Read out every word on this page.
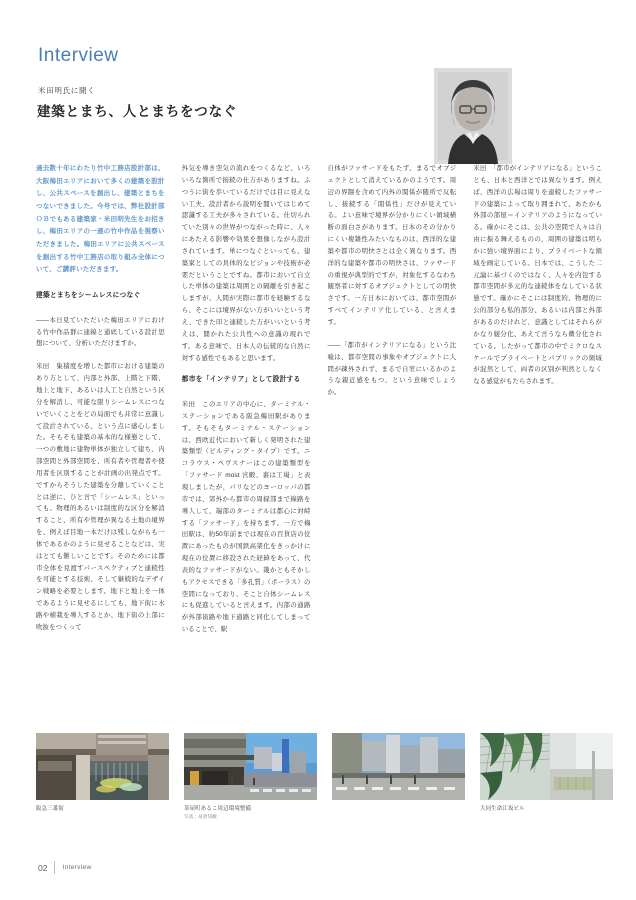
Interview
米田明氏に聞く
建築とまち、人とまちをつなぐ

過去数十年にわたり竹中工務店設計部は、大阪梅田エリアにおいて多くの建築を設計し、公共スペースを創出し、建築とまちをつないできました。今号では、弊社設計部ＯＢでもある建築家・米田明先生をお招きし、梅田エリアの一連の竹中作品を視察いただきました。梅田エリアに公共スペースを創出する竹中工務店の取り組み全体について、ご講評いただきます。

建築とまちをシームレスにつなぐ

——本日見ていただいた梅田エリアにおける竹中作品群に連綿と通底している設計思想について、分析いただけますか。

米田　集積度を増した都市における建築のあり方として、内部と外部、上階と下階、地上と地下、あるいは人工と自然という区分を解消し、可能な限りシームレスにつないでいくことをどの局面でも非常に意識して設計されている、という点に感心しました。そもそも建築の基本的な様態として、一つの敷地に建物単体が独立して建ち、内部空間と外部空間を、所有者や管理者や使用者を区別することが計画の出発点です。ですからそうした建築を分離していくこととは逆に、ひと言で「シームレス」といっても、物理的あるいは制度的な区分を解消すること、所有や管理が異なる土地の境界を、例えば目地一本だけは残しながらも一体であるかのように見せることなどは、実はとても難しいことです。そのためには都市全体を見渡すパースペクティブと連続性を可能とする技術、そして継続的なデザイン戦略を必要とします。地下と地上を一体であるように見せるにしても、地下街に水路や植栽を導入するとか、地下街の上部に吹抜をつくって

外気を導き空気の流れをつくるなど、いろいろな箇所で接続の仕方がありますね。ふつうに街を歩いているだけでは目に見えない工夫、設計者から説明を聞いてはじめて認識する工夫が多々されている。仕切られていた別々の世界がつながった時に、人々にあたえる影響や効果を想像しながら設計されています。単につなぐといっても、建築家としての具体的なビジョンや技術が必要だということですね。都市において自立した単体の建築は周囲との隔離を引き起こしますが、人間が実際に都市を経験するなら、そこには境界がない方がいいという考え、できた印と連続した方がいいという考えは、聞かれた公共性への意識の現れです。ある意味で、日本人の伝統的な自然に対する感性でもあると思います。

都市を「インテリア」として設計する

米田　このエリアの中心に、ターミナル・ステーションである阪急梅田駅があります。そもそもターミナル・ステーションは、西欧近代において新しく発明された建築類型（ビルディング・タイプ）です。ニコラウス・ペヴスナーはこの建築類型を「ファサード most 宮殿、裏は工場」と表現しましたが、パリなどのヨーロッパの都市では、郊外から都市の周縁部まで線路を導入して、端部のターミナルは都心に対峙する「ファサード」を持ちます。一方で梅田駅は、約50年前までは現在の百貨店の位置にあったものが国鉄高架化をきっかけに現在の位置に移設された経緯をあって、代表的なファサードがない。幾かともそかしもアクセスできる「多孔質」（ポーラス）の空間になっており、そこと自体シームレスにも促進していると言えます。内部の通路が外部街路や地下通路と同化してしまっていることで、駅

自体がファサードをもたず、まるでオブジェクトとして消えているかのようです。周辺の界隈を含めて内外の関係が随所で反転し、接続する「関係性」だけが見えている。よい意味で境界が分かりにくい領域横断の面白さがあります。日本のその分かりにくい複雑性みたいなものは、西洋的な建築や都市の明快さとは全く異なります。西洋的な建築や都市の明快さは、ファサードの重視が典型的ですが、対象化するなわち観察者に対するオブジェクトとしての明快さです。一方日本においては、都市空間がすべてインテリア化している、と言えます。

——「都市がインテリアになる」という比喩は、都市空間の事象やオブジェクトに人間が疎外されず、まるで自室にいるかのような親近感をもつ、という意味でしょうか。

米田　「都市がインテリアになる」ということも、日本と西洋とでは異なります。例えば、西洋の広場は周りを連続したファサードの建築によって取り囲まれて、あたかも外部の部屋＝インテリアのようになっている。確かにそこは、公共の空間で人々は自由に振る舞えるものの、周囲の建築は明らかに強い境界面により、プライベートな領域を画定している。日本では、こうした二元論に基づくのではなく、人々を内包する都市空間が多元的な連続体をなしている状態です。確かにそこには制度的、物理的に公的部分も私的部分、あるいは内部と外部があるのだけれど、意識としてはそれらがかなり緩分化、あえて言うなら微分化されている。したがって都市の中でミクロなスケールでプライベートとパブリックの領域が混然として、両者の区別が判然としなくなる感覚がもたらされます。

阪急三番街	茶屋町あるこ周辺環境整備
写真：母倉知樹
大同生命江坂ビル
02 Interview
